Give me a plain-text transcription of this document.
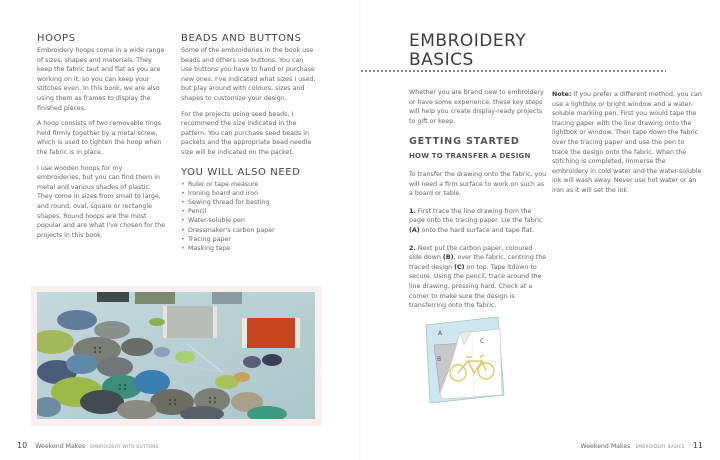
HOOPS

Embroidery hoops come in a wide range of sizes, shapes and materials. They keep the fabric taut and flat as you are working on it, so you can keep your stitches even. In this book, we are also using them as frames to display the finished pieces.

A hoop consists of two removable rings held firmly together by a metal screw, which is used to tighten the hoop when the fabric is in place.

I use wooden hoops for my embroideries, but you can find them in metal and various shades of plastic. They come in sizes from small to large, and round, oval, square or rectangle shapes. Round hoops are the most popular and are what I've chosen for the projects in this book.

BEADS AND BUTTONS

Some of the embroideries in the book use beads and others use buttons. You can use buttons you have to hand or purchase new ones. I've indicated what sizes I used, but play around with colours, sizes and shapes to customize your design.

For the projects using seed beads, I recommend the size indicated in the pattern. You can purchase seed beads in packets and the appropriate bead needle size will be indicated on the packet.

YOU WILL ALSO NEED
• Ruler or tape measure
• Ironing board and iron
• Sewing thread for basting
• Pencil
• Water-soluble pen
• Dressmaker's carbon paper
• Tracing paper
• Masking tape
10 Weekend Makes EMBROIDERY WITH BUTTONS
EMBROIDERY
BASICS

Whether you are brand new to embroidery or have some experience, these key steps will help you create display-ready projects to gift or keep.

GETTING STARTED
HOW TO TRANSFER A DESIGN

To transfer the drawing onto the fabric, you will need a firm surface to work on such as a board or table.

1. First trace the line drawing from the page onto the tracing paper. Lie the fabric (A) onto the hard surface and tape flat.

2. Next put the carbon paper, coloured side down (B), over the fabric, centring the traced design (C) on top. Tape itdown to secure. Using the pencil, trace around the line drawing, pressing hard. Check at a corner to make sure the design is transferring onto the fabric.

Note: If you prefer a different method, you can use a lightbox or bright window and a water-soluble marking pen. First you would tape the tracing paper with the line drawing onto the lightbox or window. Then tape down the fabric over the tracing paper and use the pen to trace the design onto the fabric. When the stitching is completed, immerse the embroidery in cold water and the water-soluble ink will wash away. Never use hot water or an iron as it will set the ink.

A
B
C
Weekend Makes EMBROIDERY BASICS 11
